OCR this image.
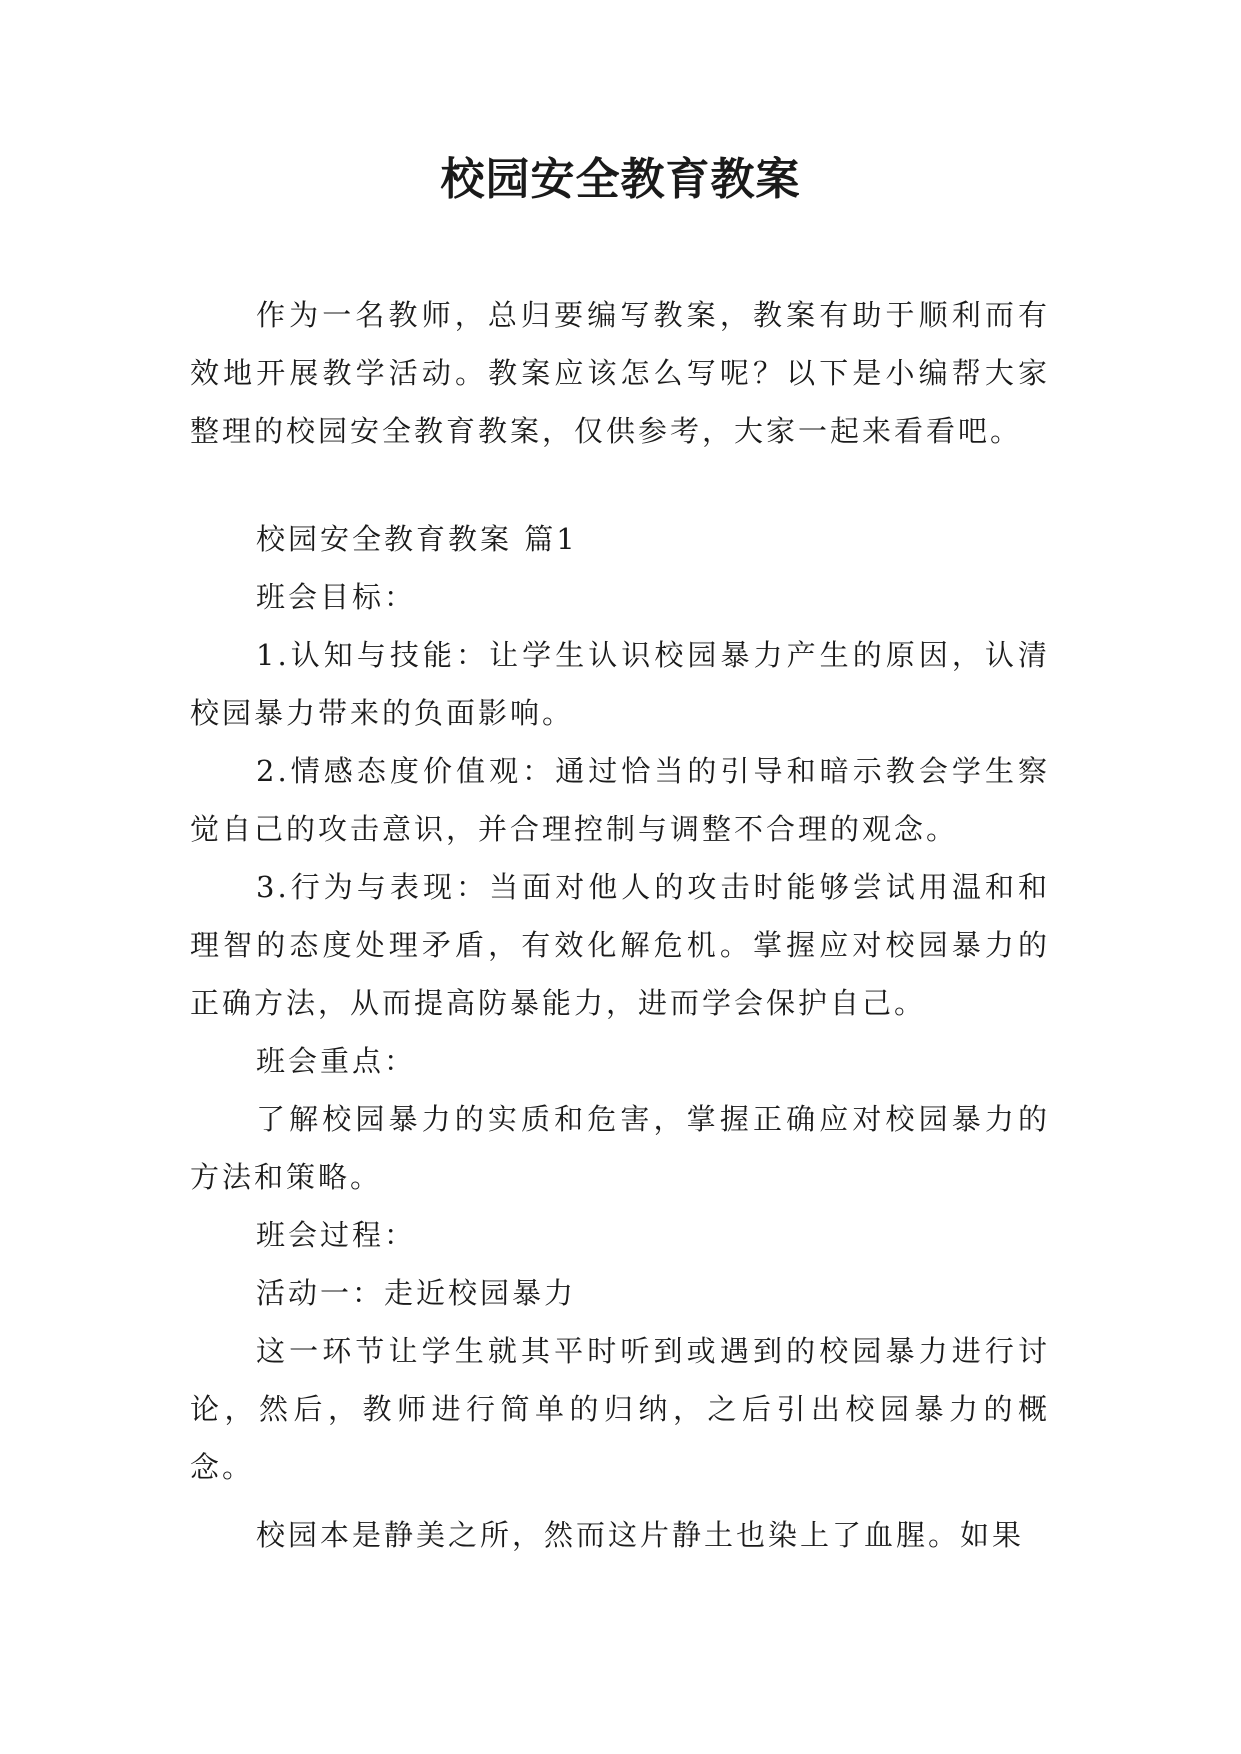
校园安全教育教案

作为一名教师，总归要编写教案，教案有助于顺利而有效地开展教学活动。教案应该怎么写呢？以下是小编帮大家整理的校园安全教育教案，仅供参考，大家一起来看看吧。

校园安全教育教案 篇1

班会目标：

1.认知与技能：让学生认识校园暴力产生的原因，认清校园暴力带来的负面影响。

2.情感态度价值观：通过恰当的引导和暗示教会学生察觉自己的攻击意识，并合理控制与调整不合理的观念。

3.行为与表现：当面对他人的攻击时能够尝试用温和和理智的态度处理矛盾，有效化解危机。掌握应对校园暴力的正确方法，从而提高防暴能力，进而学会保护自己。

班会重点：

了解校园暴力的实质和危害，掌握正确应对校园暴力的方法和策略。

班会过程：

活动一：走近校园暴力

这一环节让学生就其平时听到或遇到的校园暴力进行讨论，然后，教师进行简单的归纳，之后引出校园暴力的概念。

校园本是静美之所，然而这片静土也染上了血腥。如果
